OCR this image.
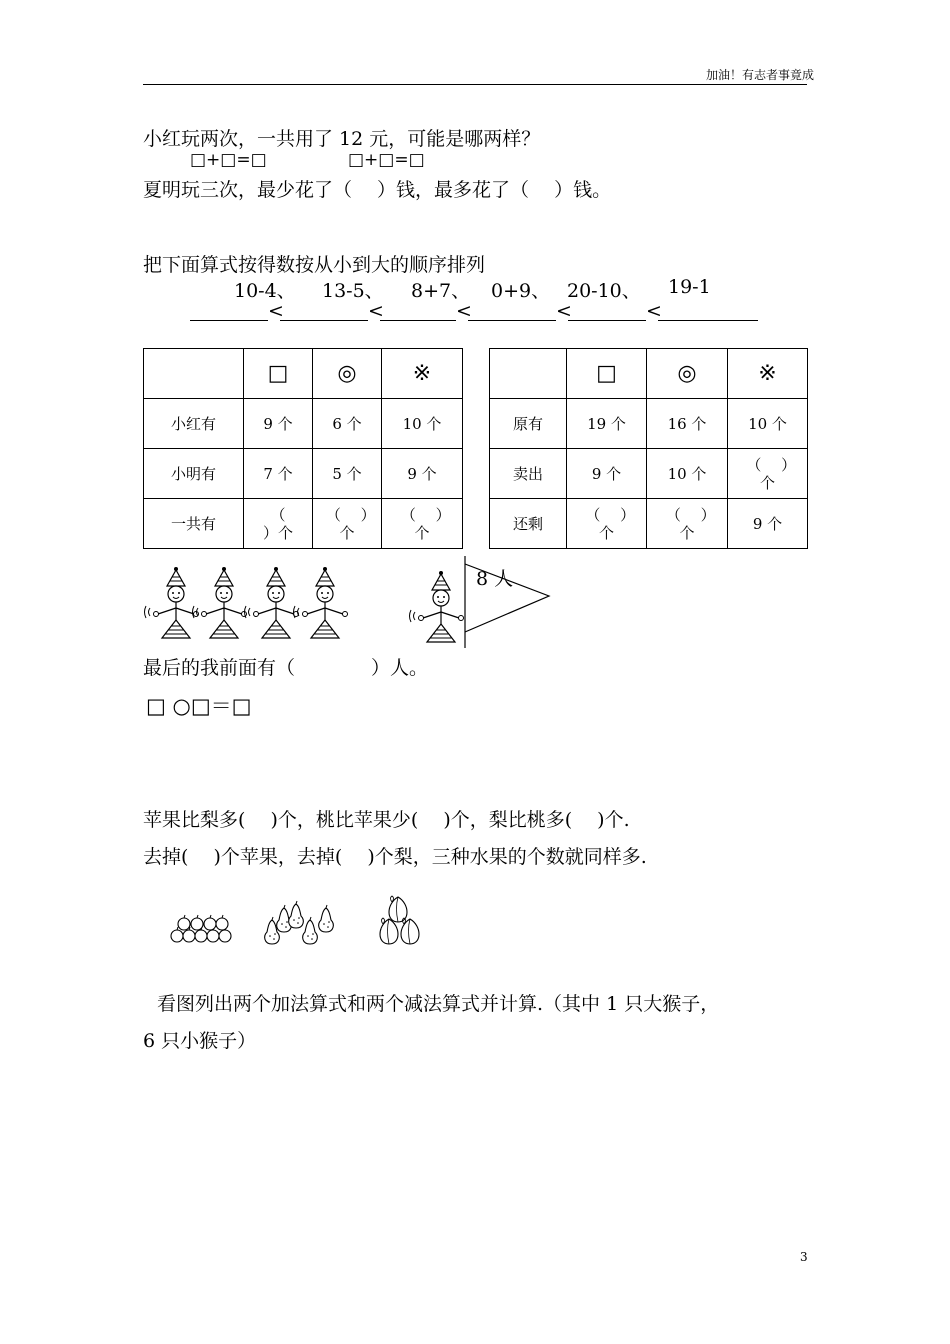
加油！有志者事竟成
小红玩两次，一共用了 12 元，可能是哪两样？
□+□=□	□+□=□
夏明玩三次，最少花了（　 ）钱，最多花了（　 ）钱。
把下面算式按得数按从小到大的顺序排列
10-4、 13-5、 8+7、 0+9、 20-10、 19-1
<	<	<	<	<
	□	◎	※
小红有	9 个	6 个	10 个
小明有	7 个	5 个	9 个
一共有	（　 ）个	（　 ）个	（　 ）个
	□	◎	※
原有	19 个	16 个	10 个
卖出	9 个	10 个	（　 ）个
还剩	（　 ）个	（　 ）个	9 个
8 人
最后的我前面有（　　　　）人。
□ ○□＝□
苹果比梨多(　 )个，桃比苹果少(　 )个，梨比桃多(　 )个.
去掉(　 )个苹果，去掉(　 )个梨，三种水果的个数就同样多.
看图列出两个加法算式和两个减法算式并计算.（其中 1 只大猴子，
6 只小猴子）
3
